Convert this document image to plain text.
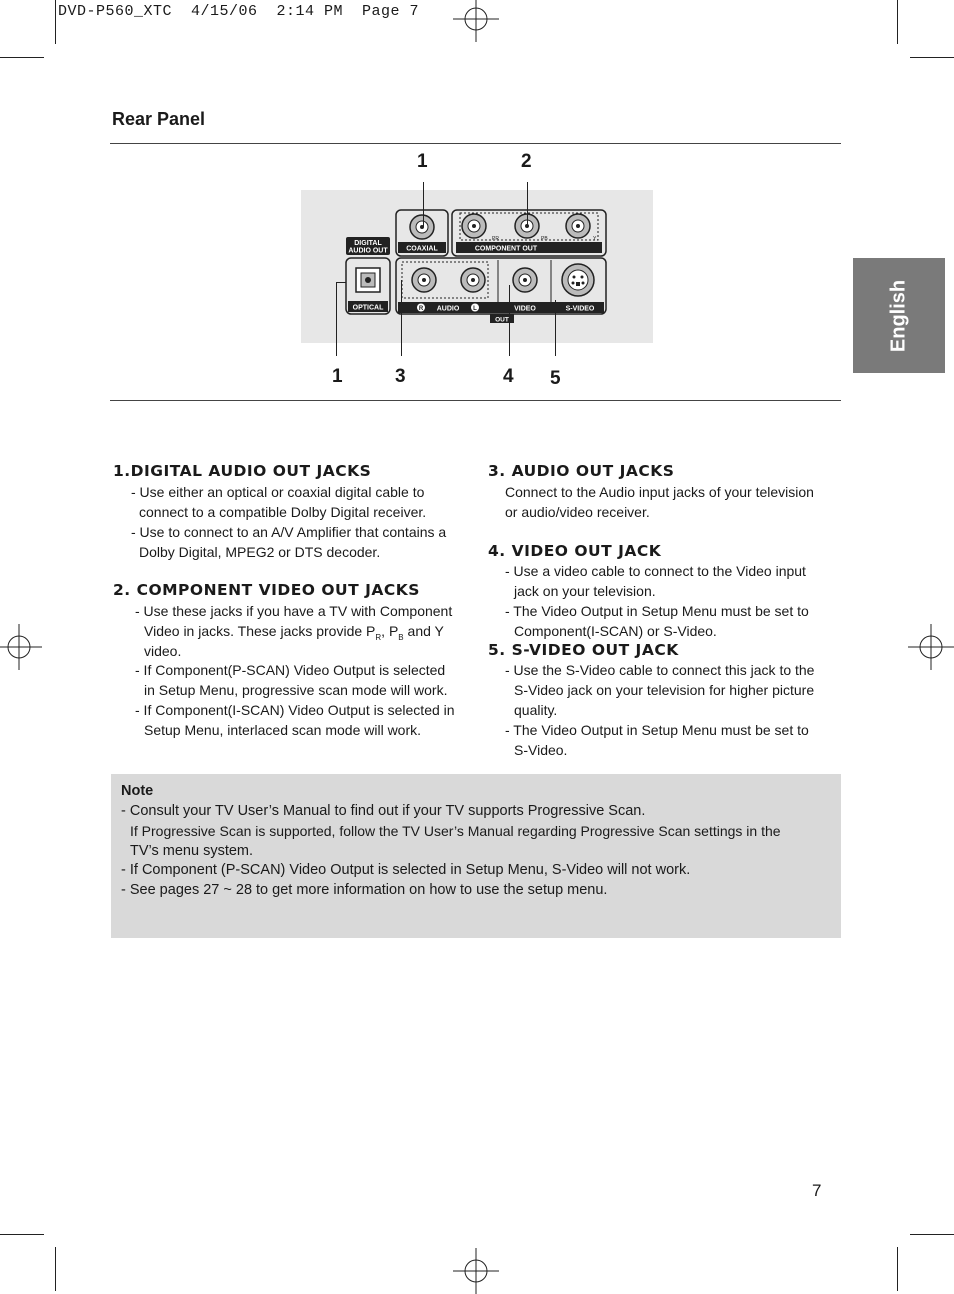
DVD-P560_XTC  4/15/06  2:14 PM  Page 7
English
Rear Panel
DIGITAL
AUDIO OUT	COAXIAL
PR	PB	Y
COMPONENT OUT
OPTICAL	R AUDIO L	VIDEO	S-VIDEO
OUT
1	2
1	3	4 5
1.DIGITAL AUDIO OUT JACKS
- Use either an optical or coaxial digital cable to
connect to a compatible Dolby Digital receiver.
- Use to connect to an A/V Amplifier that contains a
Dolby Digital, MPEG2 or DTS decoder.
2. COMPONENT VIDEO OUT JACKS
- Use these jacks if you have a TV with Component
Video in jacks. These jacks provide $P_R$, $P_B$ and Y
video.
- If Component(P-SCAN) Video Output is selected
in Setup Menu, progressive scan mode will work.
- If Component(I-SCAN) Video Output is selected in
Setup Menu, interlaced scan mode will work.
3. AUDIO OUT JACKS
Connect to the Audio input jacks of your television
or audio/video receiver.
4. VIDEO OUT JACK
- Use a video cable to connect to the Video input
jack on your television.
- The Video Output in Setup Menu must be set to
Component(I-SCAN) or S-Video.
5. S-VIDEO OUT JACK
- Use the S-Video cable to connect this jack to the
S-Video jack on your television for higher picture
quality.
- The Video Output in Setup Menu must be set to
S-Video.
Note
- Consult your TV User’s Manual to find out if your TV supports Progressive Scan.
If Progressive Scan is supported, follow the TV User’s Manual regarding Progressive Scan settings in the
TV’s menu system.
- If Component (P-SCAN) Video Output is selected in Setup Menu, S-Video will not work.
- See pages 27 ~ 28 to get more information on how to use the setup menu.
7
